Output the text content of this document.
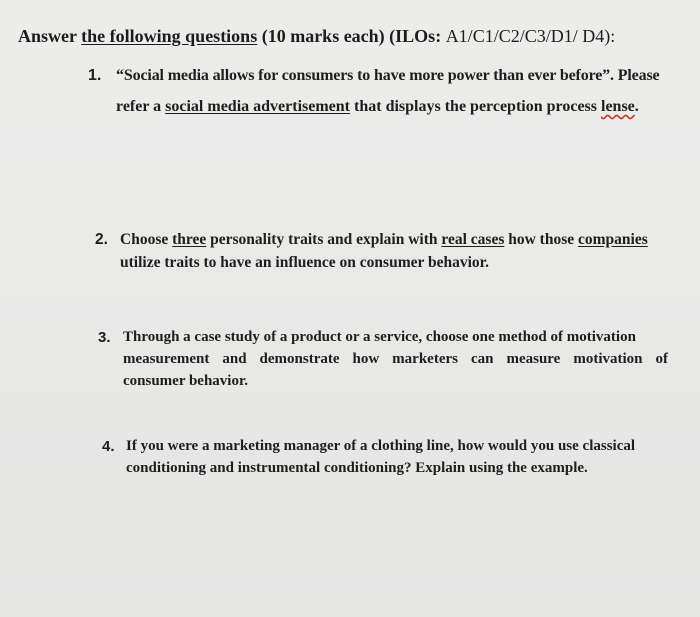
Answer the following questions (10 marks each) (ILOs: A1/C1/C2/C3/D1/ D4):
1. “Social media allows for consumers to have more power than ever before”. Please
refer a social media advertisement that displays the perception process lense.
2. Choose three personality traits and explain with real cases how those companies
utilize traits to have an influence on consumer behavior.
3. Through a case study of a product or a service, choose one method of motivation
measurement and demonstrate how marketers can measure motivation of
consumer behavior.
4. If you were a marketing manager of a clothing line, how would you use classical
conditioning and instrumental conditioning? Explain using the example.
